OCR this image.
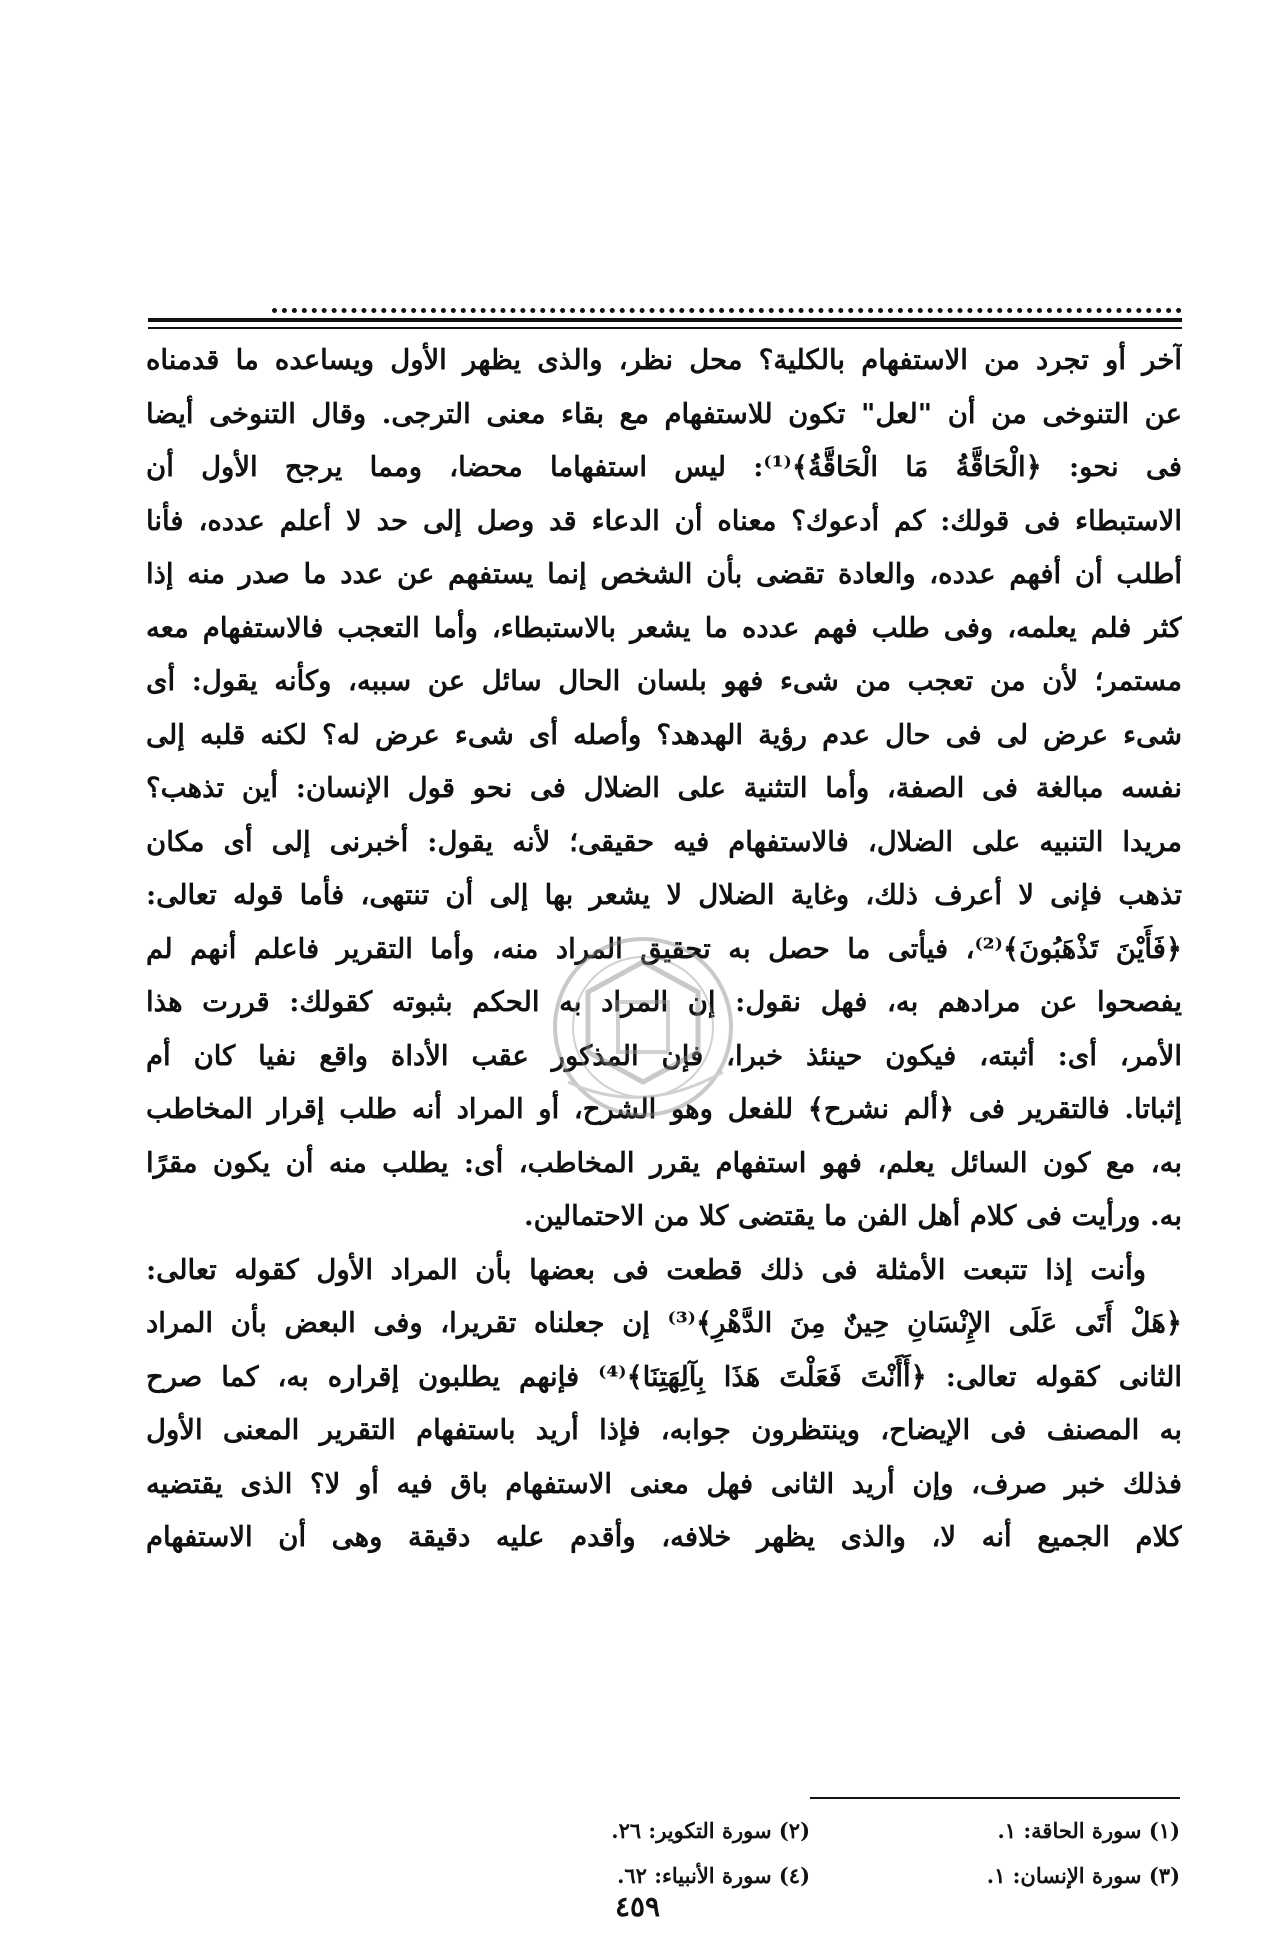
آخر أو تجرد من الاستفهام بالكلية؟ محل نظر، والذى يظهر الأول ويساعده ما قدمناه
عن التنوخى من أن "لعل" تكون للاستفهام مع بقاء معنى الترجى. وقال التنوخى أيضا
فى نحو: ﴿الْحَاقَّةُ مَا الْحَاقَّةُ﴾⁽¹⁾: ليس استفهاما محضا، ومما يرجح الأول أن
الاستبطاء فى قولك: كم أدعوك؟ معناه أن الدعاء قد وصل إلى حد لا أعلم عدده، فأنا
أطلب أن أفهم عدده، والعادة تقضى بأن الشخص إنما يستفهم عن عدد ما صدر منه إذا
كثر فلم يعلمه، وفى طلب فهم عدده ما يشعر بالاستبطاء، وأما التعجب فالاستفهام معه
مستمر؛ لأن من تعجب من شىء فهو بلسان الحال سائل عن سببه، وكأنه يقول: أى
شىء عرض لى فى حال عدم رؤية الهدهد؟ وأصله أى شىء عرض له؟ لكنه قلبه إلى
نفسه مبالغة فى الصفة، وأما التثنية على الضلال فى نحو قول الإنسان: أين تذهب؟
مريدا التنبيه على الضلال، فالاستفهام فيه حقيقى؛ لأنه يقول: أخبرنى إلى أى مكان
تذهب فإنى لا أعرف ذلك، وغاية الضلال لا يشعر بها إلى أن تنتهى، فأما قوله تعالى:
﴿فَأَيْنَ تَذْهَبُونَ﴾⁽²⁾، فيأتى ما حصل به تحقيق المراد منه، وأما التقرير فاعلم أنهم لم
يفصحوا عن مرادهم به، فهل نقول: إن المراد به الحكم بثبوته كقولك: قررت هذا
الأمر، أى: أثبته، فيكون حينئذ خبرا، فإن المذكور عقب الأداة واقع نفيا كان أم
إثباتا. فالتقرير فى ﴿ألم نشرح﴾ للفعل وهو الشرح، أو المراد أنه طلب إقرار المخاطب
به، مع كون السائل يعلم، فهو استفهام يقرر المخاطب، أى: يطلب منه أن يكون مقرًا
به. ورأيت فى كلام أهل الفن ما يقتضى كلا من الاحتمالين.
وأنت إذا تتبعت الأمثلة فى ذلك قطعت فى بعضها بأن المراد الأول كقوله تعالى:
﴿هَلْ أَتَى عَلَى الإِنْسَانِ حِينٌ مِنَ الدَّهْرِ﴾⁽³⁾ إن جعلناه تقريرا، وفى البعض بأن المراد
الثانى كقوله تعالى: ﴿أَأَنْتَ فَعَلْتَ هَذَا بِآلِهَتِنَا﴾⁽⁴⁾ فإنهم يطلبون إقراره به، كما صرح
به المصنف فى الإيضاح، وينتظرون جوابه، فإذا أريد باستفهام التقرير المعنى الأول
فذلك خبر صرف، وإن أريد الثانى فهل معنى الاستفهام باق فيه أو لا؟ الذى يقتضيه
كلام الجميع أنه لا، والذى يظهر خلافه، وأقدم عليه دقيقة وهى أن الاستفهام
(١) سورة الحاقة: ١.
(٢) سورة التكوير: ٢٦.
(٣) سورة الإنسان: ١.
(٤) سورة الأنبياء: ٦٢.
٤٥٩
